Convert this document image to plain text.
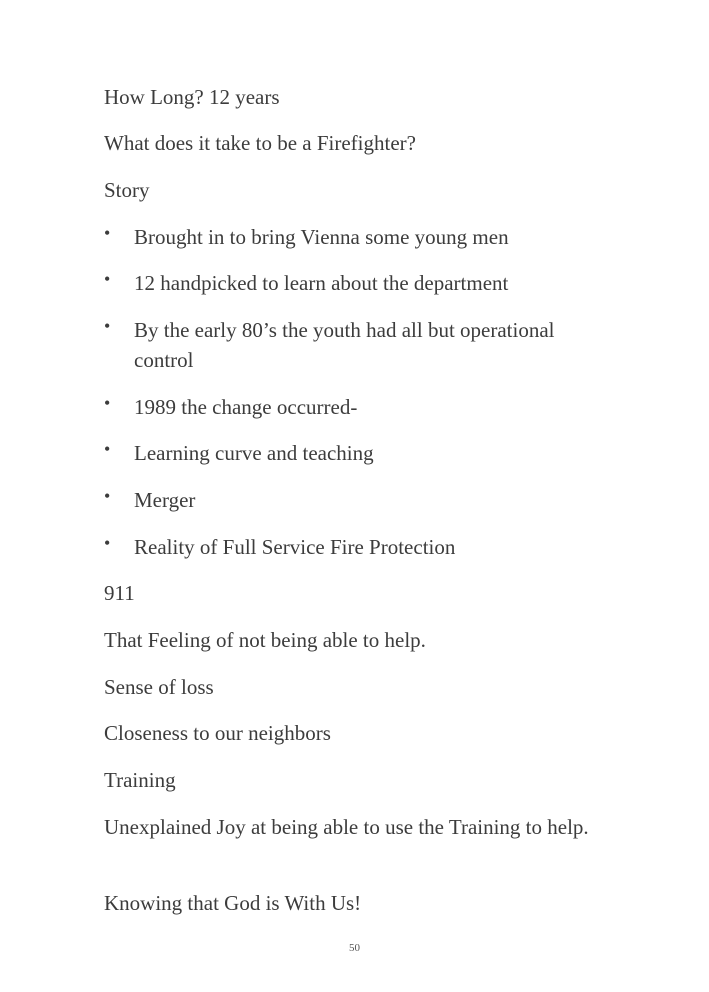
How Long? 12 years

What does it take to be a Firefighter?

Story

• Brought in to bring Vienna some young men
• 12 handpicked to learn about the department
• By the early 80’s the youth had all but operational control
• 1989 the change occurred-
• Learning curve and teaching
• Merger
• Reality of Full Service Fire Protection

911

That Feeling of not being able to help.

Sense of loss

Closeness to our neighbors

Training

Unexplained Joy at being able to use the Training to help.

Knowing that God is With Us!

50
